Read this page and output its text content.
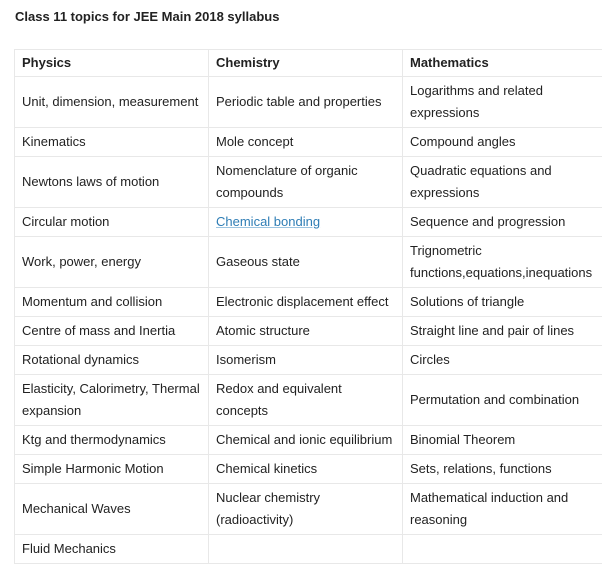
Class 11 topics for JEE Main 2018 syllabus
Physics	Chemistry	Mathematics
Unit, dimension, measurement	Periodic table and properties	Logarithms and related expressions
Kinematics	Mole concept	Compound angles
Newtons laws of motion	Nomenclature of organic compounds	Quadratic equations and expressions
Circular motion	Chemical bonding	Sequence and progression
Work, power, energy	Gaseous state	Trignometric functions,equations,inequations
Momentum and collision	Electronic displacement effect	Solutions of triangle
Centre of mass and Inertia	Atomic structure	Straight line and pair of lines
Rotational dynamics	Isomerism	Circles
Elasticity, Calorimetry, Thermal expansion	Redox and equivalent concepts	Permutation and combination
Ktg and thermodynamics	Chemical and ionic equilibrium	Binomial Theorem
Simple Harmonic Motion	Chemical kinetics	Sets, relations, functions
Mechanical Waves	Nuclear chemistry (radioactivity)	Mathematical induction and reasoning
Fluid Mechanics		
